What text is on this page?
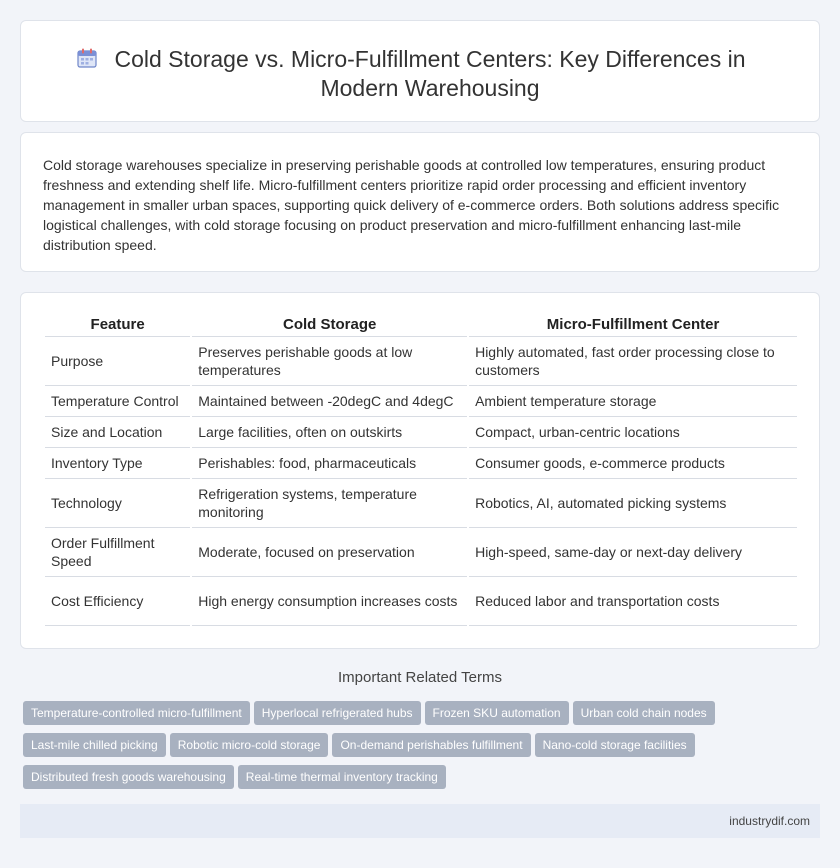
Cold Storage vs. Micro-Fulfillment Centers: Key Differences in Modern Warehousing

Cold storage warehouses specialize in preserving perishable goods at controlled low temperatures, ensuring product freshness and extending shelf life. Micro-fulfillment centers prioritize rapid order processing and efficient inventory management in smaller urban spaces, supporting quick delivery of e-commerce orders. Both solutions address specific logistical challenges, with cold storage focusing on product preservation and micro-fulfillment enhancing last-mile distribution speed.

Feature	Cold Storage	Micro-Fulfillment Center
Purpose	Preserves perishable goods at low temperatures	Highly automated, fast order processing close to customers
Temperature Control	Maintained between -20degC and 4degC	Ambient temperature storage
Size and Location	Large facilities, often on outskirts	Compact, urban-centric locations
Inventory Type	Perishables: food, pharmaceuticals	Consumer goods, e-commerce products
Technology	Refrigeration systems, temperature monitoring	Robotics, AI, automated picking systems
Order Fulfillment Speed	Moderate, focused on preservation	High-speed, same-day or next-day delivery
Cost Efficiency	High energy consumption increases costs	Reduced labor and transportation costs
Important Related Terms
Temperature-controlled micro-fulfillment Hyperlocal refrigerated hubs Frozen SKU automation Urban cold chain nodes
Last-mile chilled picking Robotic micro-cold storage On-demand perishables fulfillment Nano-cold storage facilities
Distributed fresh goods warehousing Real-time thermal inventory tracking
industrydif.com
